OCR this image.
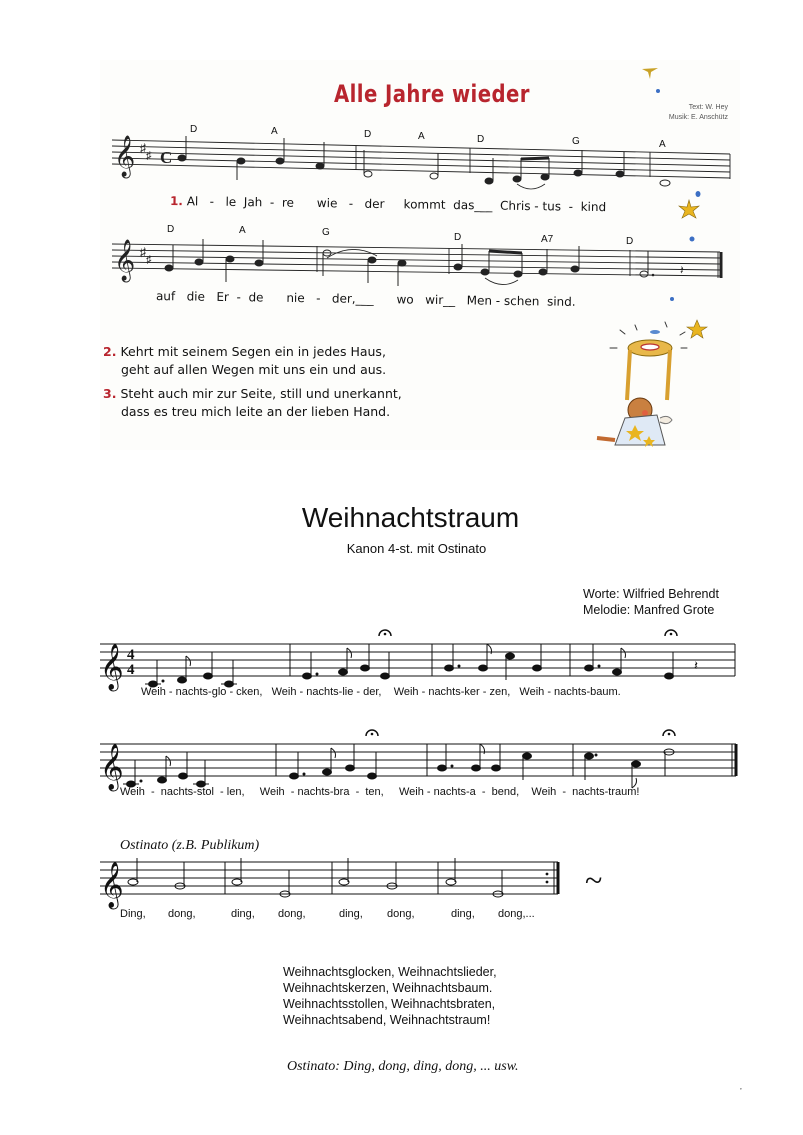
Alle Jahre wieder	Text: W. Hey
Musik: E. Anschütz
𝄞 ♯
♯ C
D	A	D	A	D	G	A
1. Al   -   le  Jah  -  re      wie   -   der     kommt  das___  Chris - tus  -  kind
𝄞 ♯
♯
𝄽
D	A	G	D	A7	D
auf   die   Er  -  de      nie   -   der,___      wo   wir__   Men - schen  sind.
2. Kehrt mit seinem Segen ein in jedes Haus,
geht auf allen Wegen mit uns ein und aus.
3. Steht auch mir zur Seite, still und unerkannt,
dass es treu mich leite an der lieben Hand.
Weihnachtstraum
Kanon 4-st. mit Ostinato
Worte: Wilfried Behrendt
Melodie: Manfred Grote
𝄞 4
4	𝄽
Weih - nachts-glo - cken,   Weih - nachts-lie - der,    Weih - nachts-ker - zen,   Weih - nachts-baum.
𝄞
Weih  -  nachts-stol  - len,     Weih  - nachts-bra  -  ten,     Weih - nachts-a  -  bend,    Weih  -  nachts-traum!
Ostinato (z.B. Publikum)
𝄞	~
Ding, dong,	ding, dong,	ding, dong,	ding, dong,...
Weihnachtsglocken, Weihnachtslieder,
Weihnachtskerzen, Weihnachtsbaum.
Weihnachtsstollen, Weihnachtsbraten,
Weihnachtsabend, Weihnachtstraum!
Ostinato: Ding, dong, ding, dong, ... usw.
’
